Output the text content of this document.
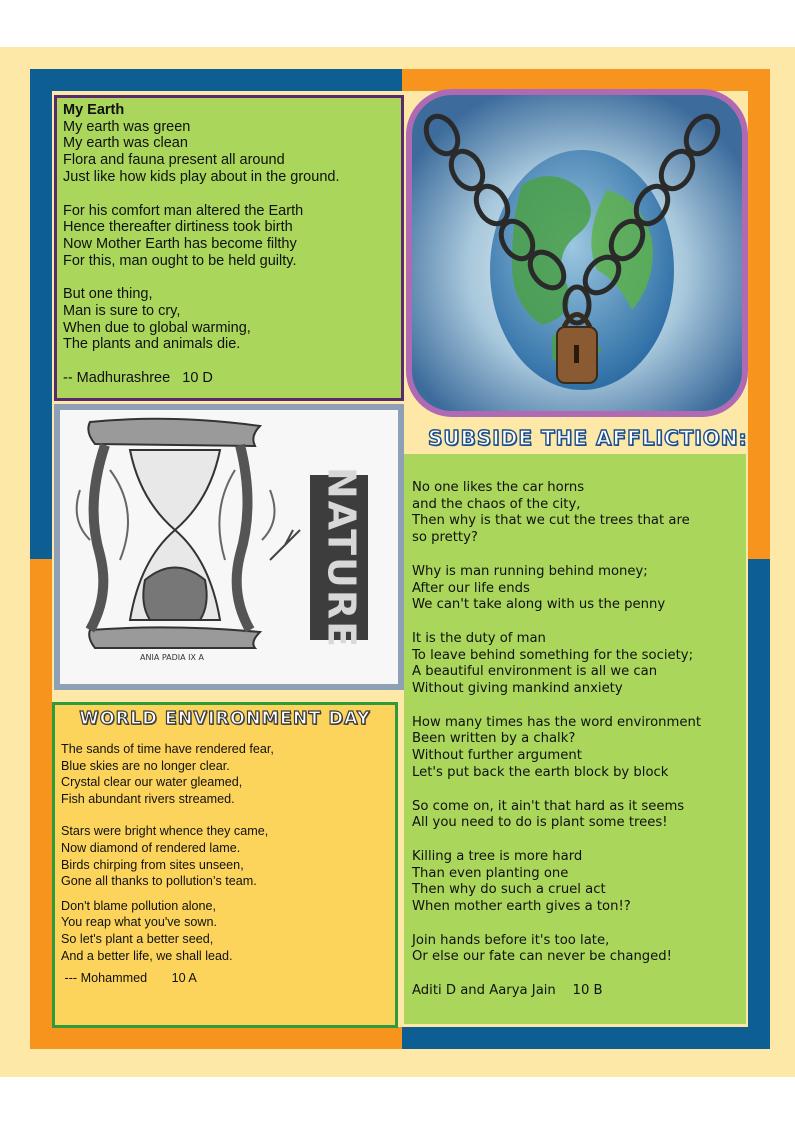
My Earth

My earth was green
My earth was clean
Flora and fauna present all around
Just like how kids play about in the ground.
For his comfort man altered the Earth
Hence thereafter dirtiness took birth
Now Mother Earth has become filthy
For this, man ought to be held guilty.
But one thing,
Man is sure to cry,
When due to global warming,
The plants and animals die.

-- Madhurashree   10 D

NATURE
ANIA PADIA IX A
SUBSIDE THE AFFLICTION:
No one likes the car horns
and the chaos of the city,
Then why is that we cut the trees that are
so pretty?
Why is man running behind money;
After our life ends
We can't take along with us the penny
It is the duty of man
To leave behind something for the society;
A beautiful environment is all we can
Without giving mankind anxiety
How many times has the word environment
Been written by a chalk?
Without further argument
Let's put back the earth block by block
So come on, it ain't that hard as it seems
All you need to do is plant some trees!
Killing a tree is more hard
Than even planting one
Then why do such a cruel act
When mother earth gives a ton!?
Join hands before it's too late,
Or else our fate can never be changed!

Aditi D and Aarya Jain    10 B

WORLD ENVIRONMENT DAY
The sands of time have rendered fear,
Blue skies are no longer clear.
Crystal clear our water gleamed,
Fish abundant rivers streamed.
Stars were bright whence they came,
Now diamond of rendered lame.
Birds chirping from sites unseen,
Gone all thanks to pollution’s team.
Don't blame pollution alone,
You reap what you've sown.
So let's plant a better seed,
And a better life, we shall lead.

--- Mohammed       10 A
